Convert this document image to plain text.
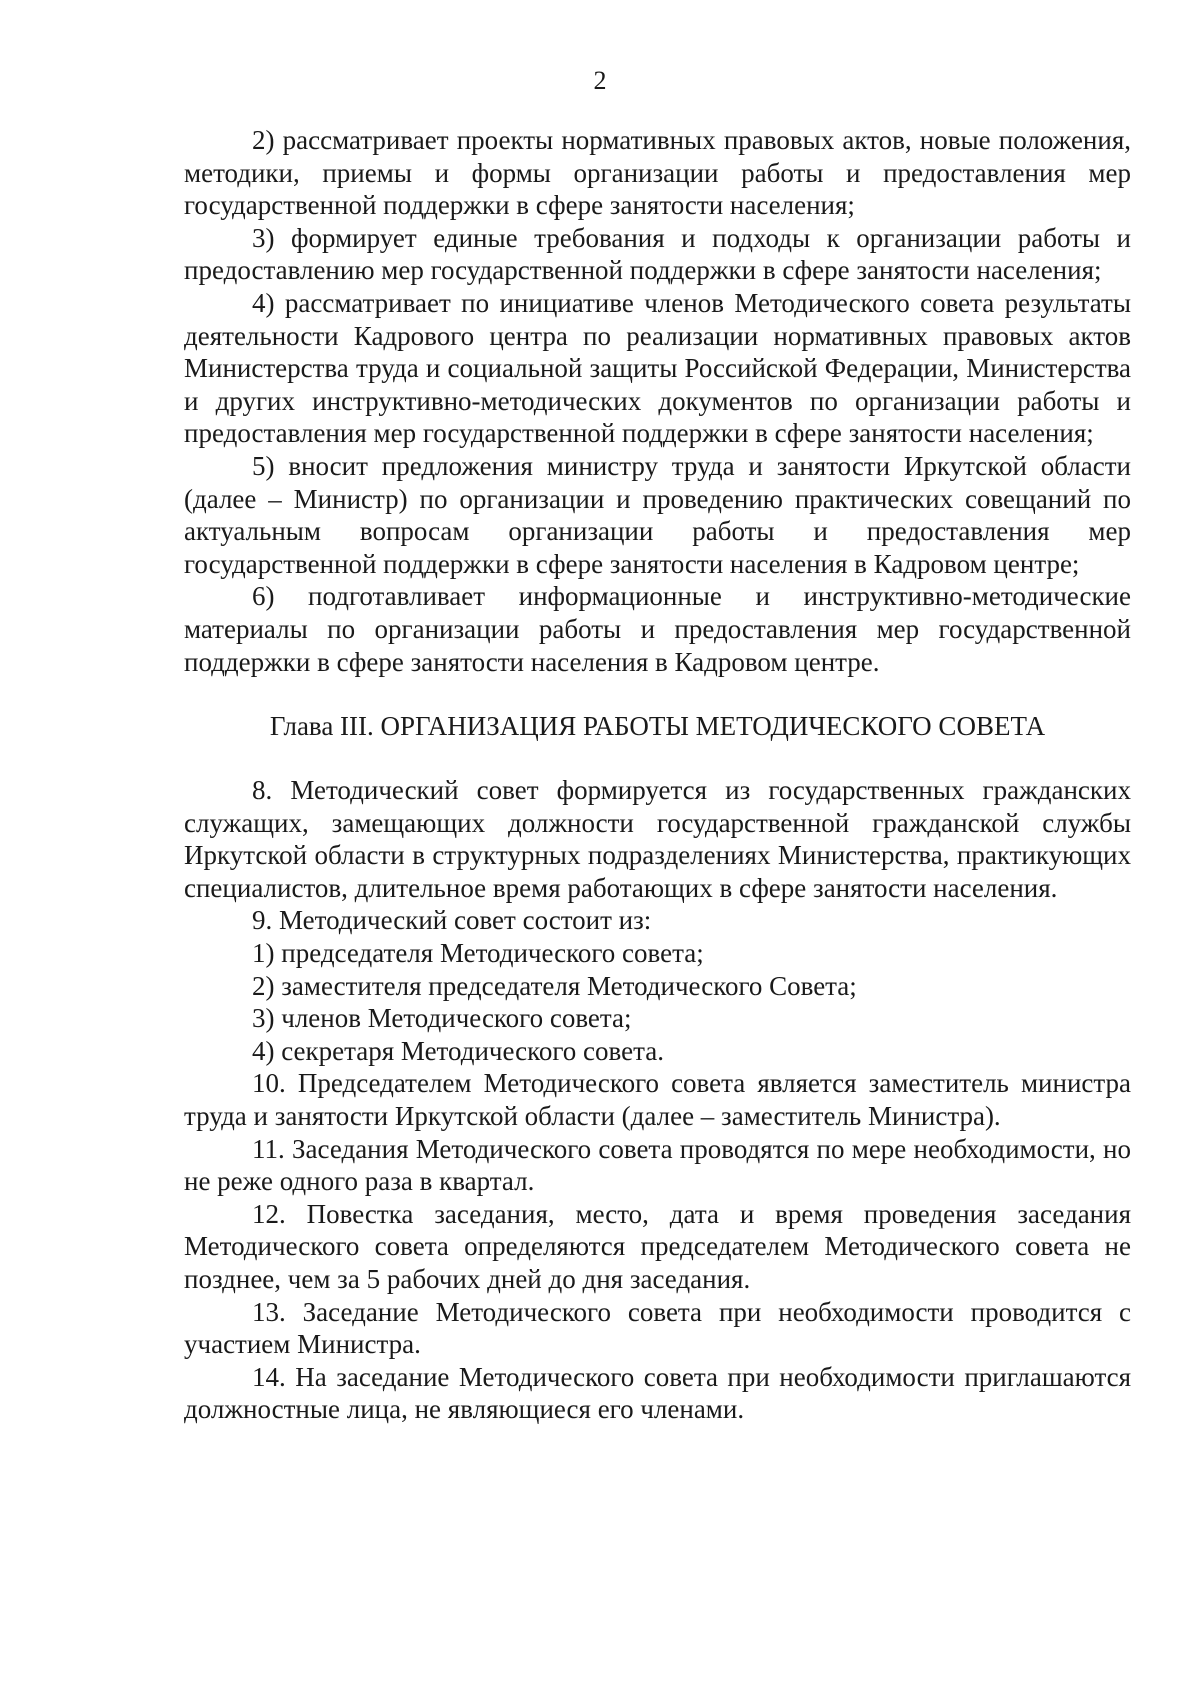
2

2) рассматривает проекты нормативных правовых актов, новые положения, методики, приемы и формы организации работы и предоставления мер государственной поддержки в сфере занятости населения;

3) формирует единые требования и подходы к организации работы и предоставлению мер государственной поддержки в сфере занятости населения;

4) рассматривает по инициативе членов Методического совета результаты деятельности Кадрового центра по реализации нормативных правовых актов Министерства труда и социальной защиты Российской Федерации, Министерства и других инструктивно-методических документов по организации работы и предоставления мер государственной поддержки в сфере занятости населения;

5) вносит предложения министру труда и занятости Иркутской области (далее – Министр) по организации и проведению практических совещаний по актуальным вопросам организации работы и предоставления мер государственной поддержки в сфере занятости населения в Кадровом центре;

6) подготавливает информационные и инструктивно-методические материалы по организации работы и предоставления мер государственной поддержки в сфере занятости населения в Кадровом центре.

Глава III. ОРГАНИЗАЦИЯ РАБОТЫ МЕТОДИЧЕСКОГО СОВЕТА

8. Методический совет формируется из государственных гражданских служащих, замещающих должности государственной гражданской службы Иркутской области в структурных подразделениях Министерства, практикующих специалистов, длительное время работающих в сфере занятости населения.

9. Методический совет состоит из:

1) председателя Методического совета;

2) заместителя председателя Методического Совета;

3) членов Методического совета;

4) секретаря Методического совета.

10. Председателем Методического совета является заместитель министра труда и занятости Иркутской области (далее – заместитель Министра).

11. Заседания Методического совета проводятся по мере необходимости, но не реже одного раза в квартал.

12. Повестка заседания, место, дата и время проведения заседания Методического совета определяются председателем Методического совета не позднее, чем за 5 рабочих дней до дня заседания.

13. Заседание Методического совета при необходимости проводится с участием Министра.

14. На заседание Методического совета при необходимости приглашаются должностные лица, не являющиеся его членами.
